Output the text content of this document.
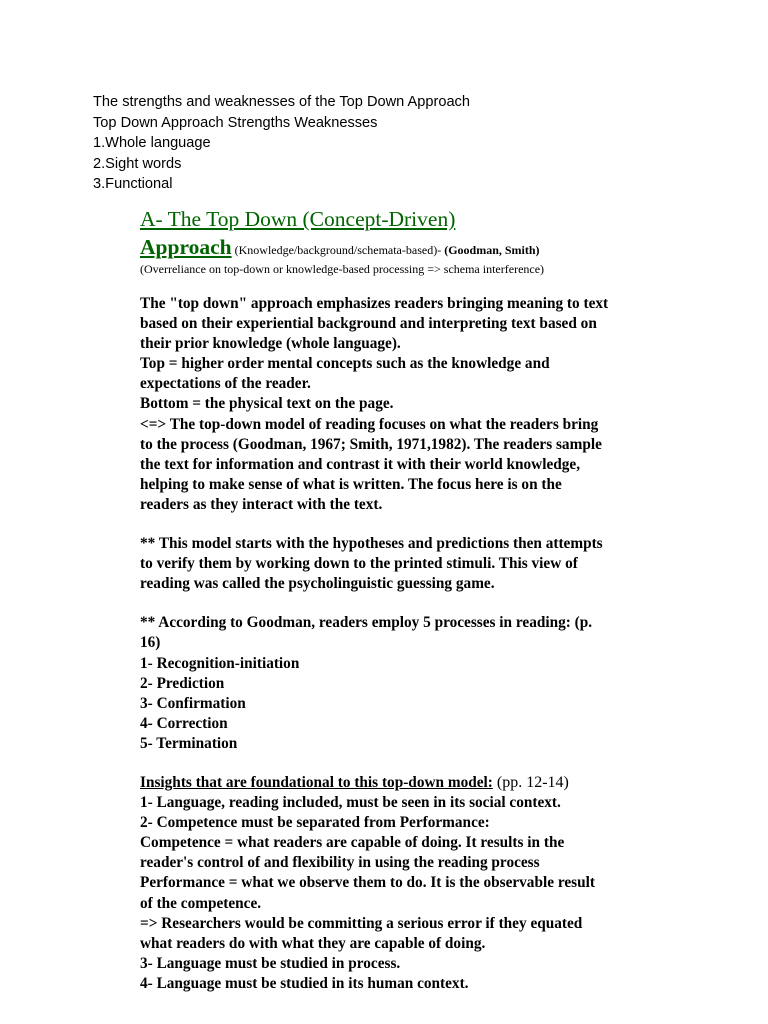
The strengths and weaknesses of the Top Down Approach
Top Down Approach Strengths Weaknesses
1.Whole language
2.Sight words
3.Functional
A- The Top Down (Concept-Driven)
Approach (Knowledge/background/schemata-based)- (Goodman, Smith)
(Overreliance on top-down or knowledge-based processing => schema interference)

The "top down" approach emphasizes readers bringing meaning to text
based on their experiential background and interpreting text based on
their prior knowledge (whole language).
Top = higher order mental concepts such as the knowledge and
expectations of the reader.
Bottom = the physical text on the page.
<=> The top-down model of reading focuses on what the readers bring
to the process (Goodman, 1967; Smith, 1971,1982). The readers sample
the text for information and contrast it with their world knowledge,
helping to make sense of what is written. The focus here is on the
readers as they interact with the text.

** This model starts with the hypotheses and predictions then attempts
to verify them by working down to the printed stimuli. This view of
reading was called the psycholinguistic guessing game.

** According to Goodman, readers employ 5 processes in reading: (p.
16)
1- Recognition-initiation
2- Prediction
3- Confirmation
4- Correction
5- Termination

Insights that are foundational to this top-down model: (pp. 12-14)

1- Language, reading included, must be seen in its social context.
2- Competence must be separated from Performance:
Competence = what readers are capable of doing. It results in the
reader's control of and flexibility in using the reading process
Performance = what we observe them to do. It is the observable result
of the competence.
=> Researchers would be committing a serious error if they equated
what readers do with what they are capable of doing.
3- Language must be studied in process.
4- Language must be studied in its human context.
